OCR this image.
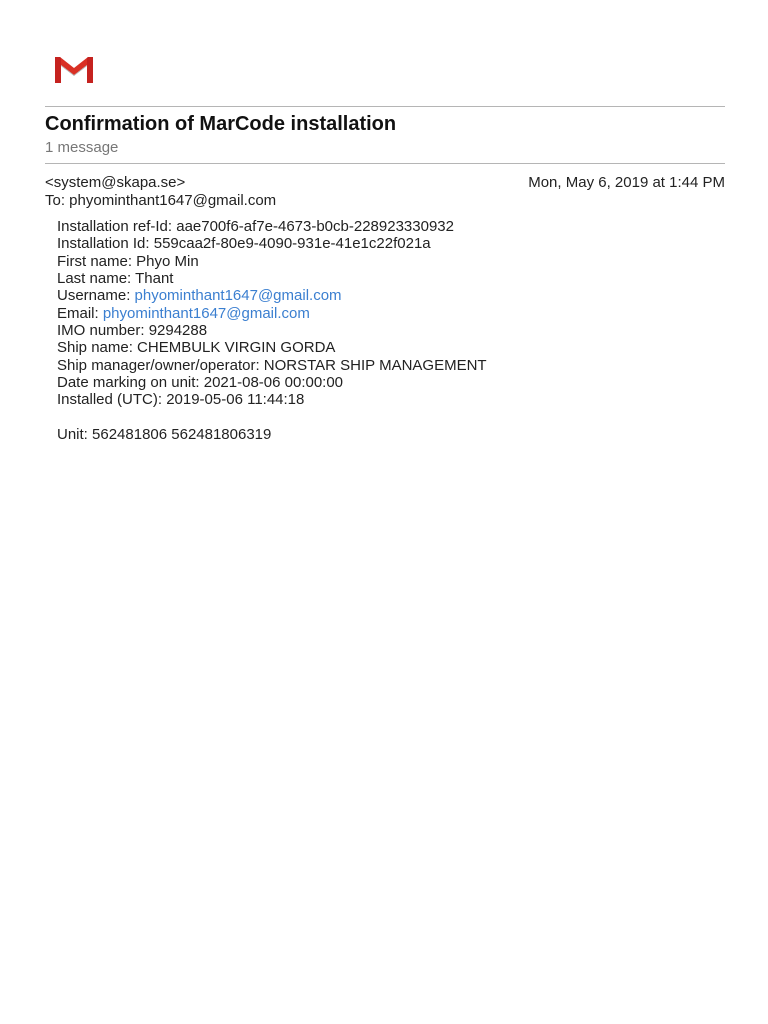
Confirmation of MarCode installation
1 message
<system@skapa.se>	Mon, May 6, 2019 at 1:44 PM
To: phyominthant1647@gmail.com
Installation ref-Id: aae700f6-af7e-4673-b0cb-228923330932
Installation Id: 559caa2f-80e9-4090-931e-41e1c22f021a
First name: Phyo Min
Last name: Thant
Username: phyominthant1647@gmail.com
Email: phyominthant1647@gmail.com
IMO number: 9294288
Ship name: CHEMBULK VIRGIN GORDA
Ship manager/owner/operator: NORSTAR SHIP MANAGEMENT
Date marking on unit: 2021-08-06 00:00:00
Installed (UTC): 2019-05-06 11:44:18
Unit: 562481806 562481806319
